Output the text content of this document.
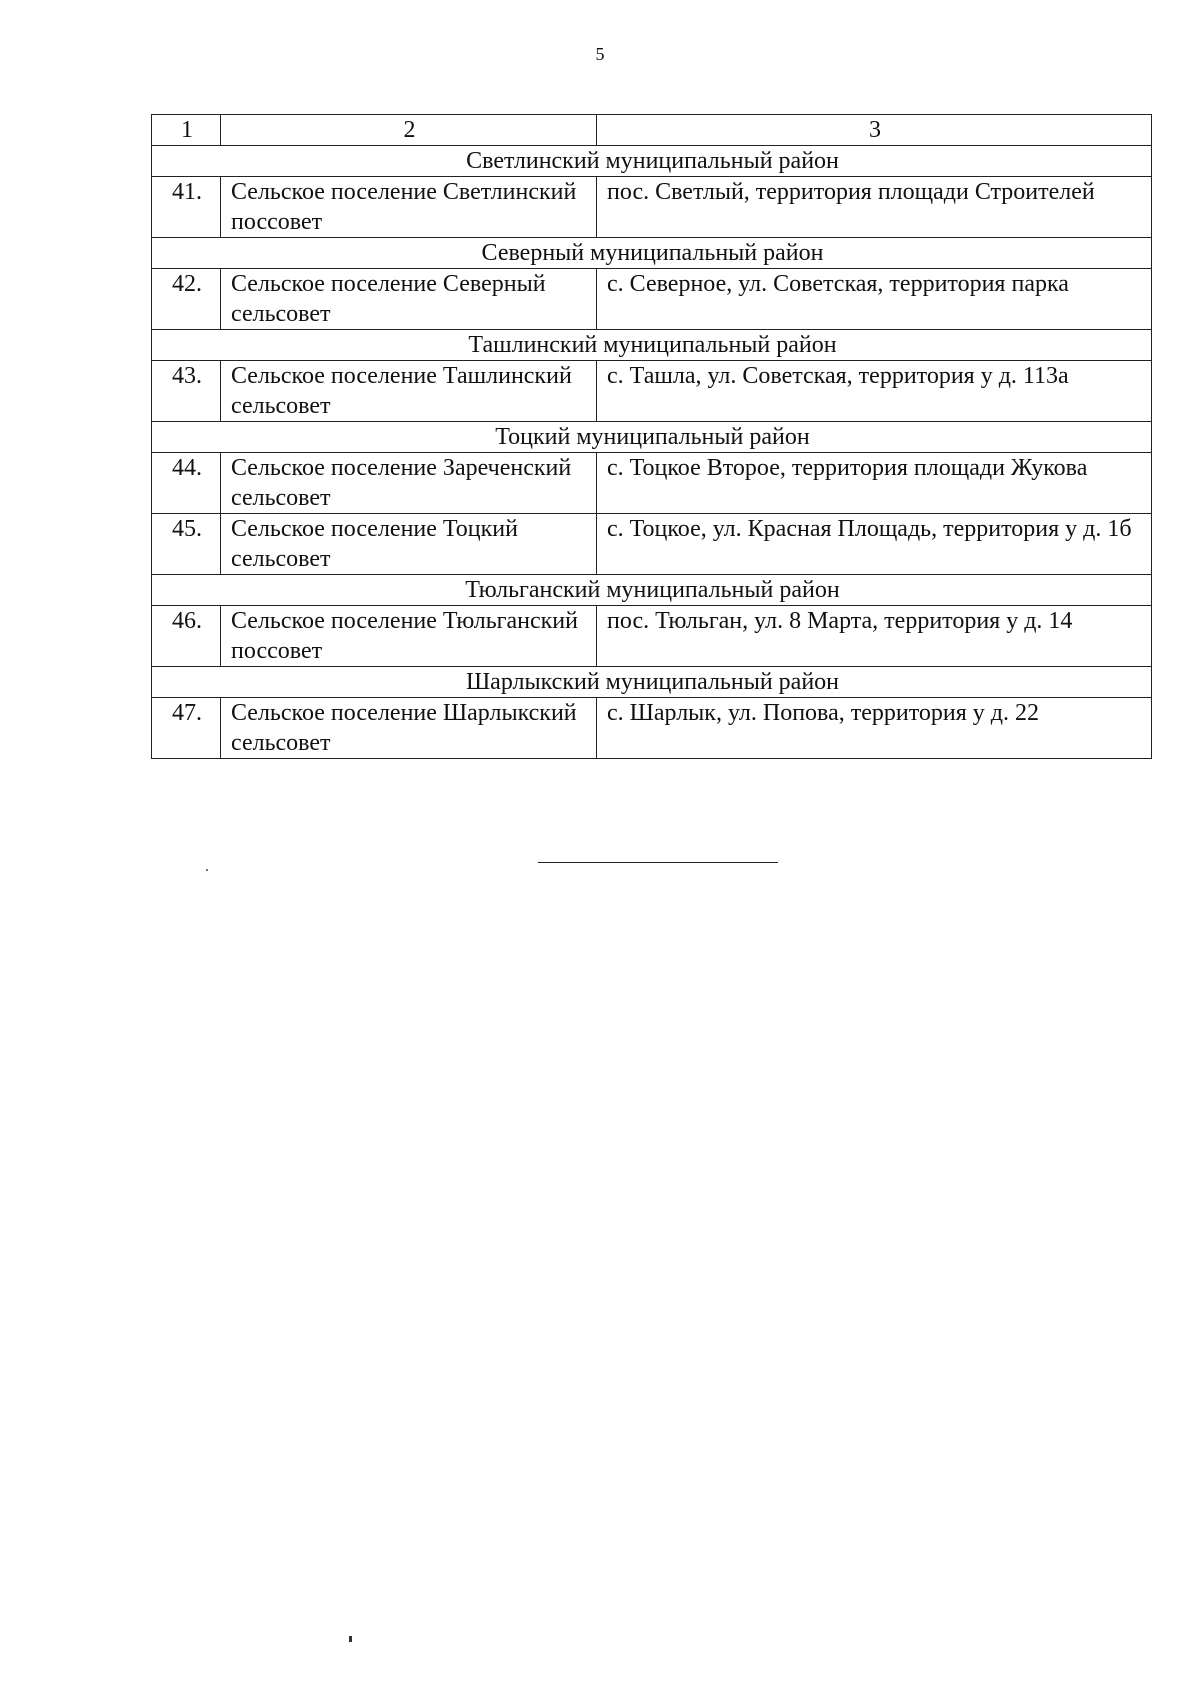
5
1	2	3
Светлинский муниципальный район		
41.	Сельское поселение Светлинский поссовет	пос. Светлый, территория площади Строителей
Северный муниципальный район		
42.	Сельское поселение Северный сельсовет	с. Северное, ул. Советская, территория парка
Ташлинский муниципальный район		
43.	Сельское поселение Ташлинский сельсовет	с. Ташла, ул. Советская, территория у д. 113а
Тоцкий муниципальный район		
44.	Сельское поселение Зареченский сельсовет	с. Тоцкое Второе, территория площади Жукова
45.	Сельское поселение Тоцкий сельсовет	с. Тоцкое, ул. Красная Площадь, территория у д. 1б
Тюльганский муниципальный район		
46.	Сельское поселение Тюльганский поссовет	пос. Тюльган, ул. 8 Марта, территория у д. 14
Шарлыкский муниципальный район		
47.	Сельское поселение Шарлыкский сельсовет	с. Шарлык, ул. Попова, территория у д. 22
